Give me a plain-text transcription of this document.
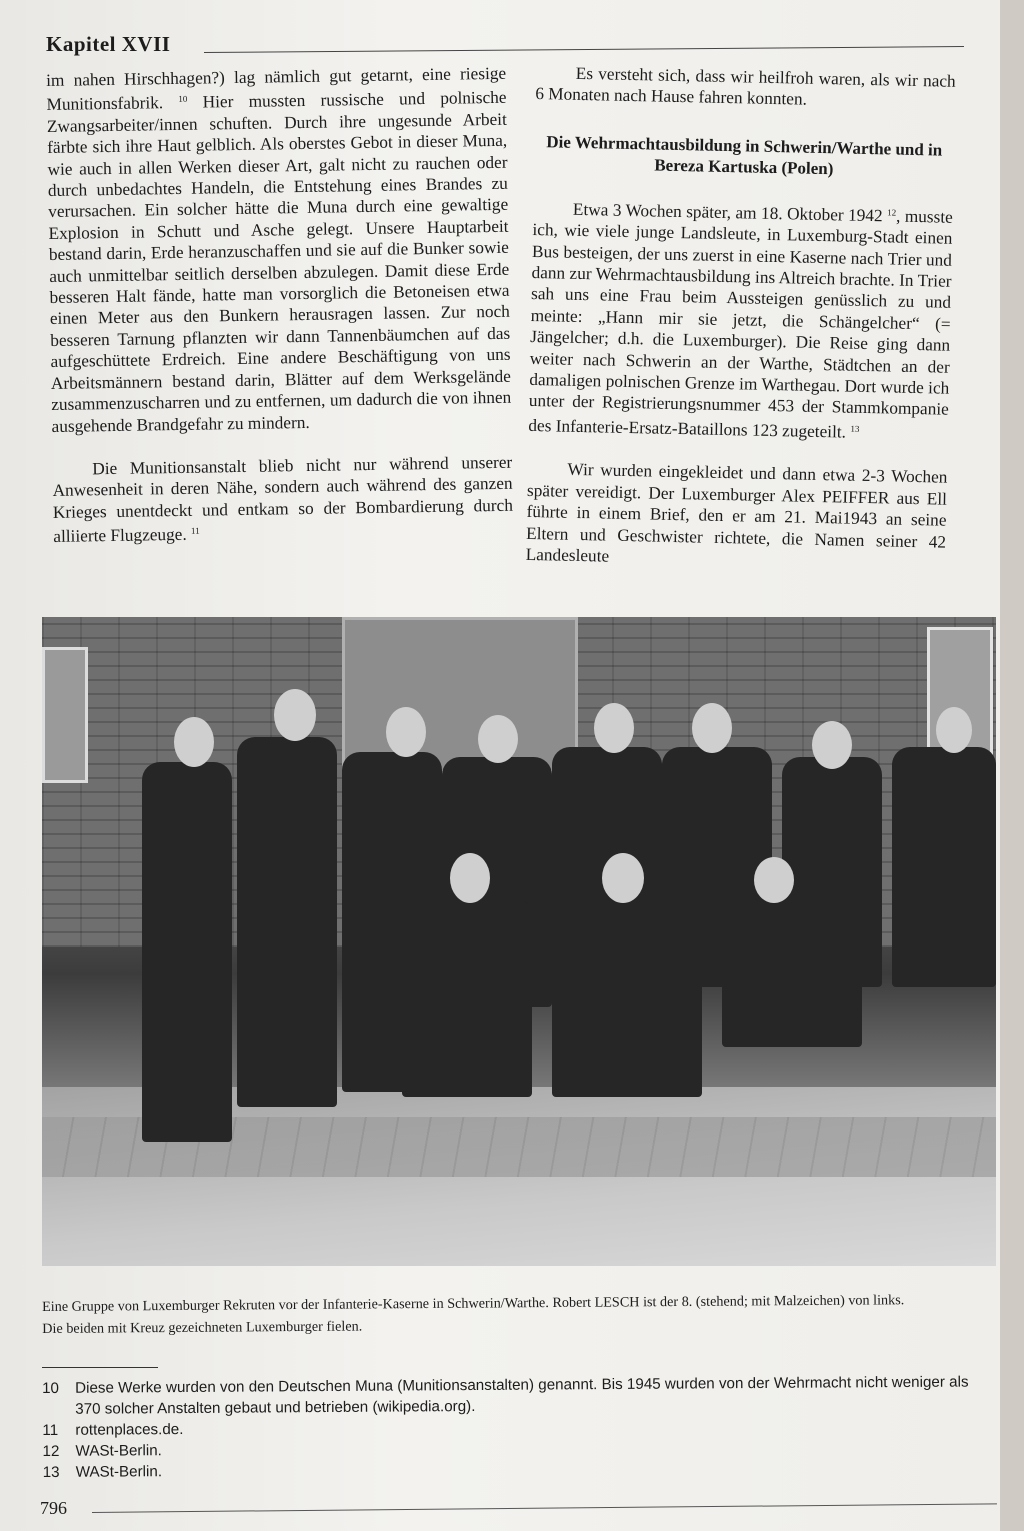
Kapitel XVII

im nahen Hirschhagen?) lag nämlich gut getarnt, eine riesige Munitionsfabrik. $^{10}$ Hier mussten russische und polnische Zwangsarbeiter/innen schuften. Durch ihre ungesunde Arbeit färbte sich ihre Haut gelblich. Als oberstes Gebot in dieser Muna, wie auch in allen Werken dieser Art, galt nicht zu rauchen oder durch unbedachtes Handeln, die Entstehung eines Brandes zu verursachen. Ein solcher hätte die Muna durch eine gewaltige Explosion in Schutt und Asche gelegt. Unsere Hauptarbeit bestand darin, Erde heranzuschaffen und sie auf die Bunker sowie auch unmittelbar seitlich derselben abzulegen. Damit diese Erde besseren Halt fände, hatte man vorsorglich die Betoneisen etwa einen Meter aus den Bunkern herausragen lassen. Zur noch besseren Tarnung pflanzten wir dann Tannenbäumchen auf das aufgeschüttete Erdreich. Eine andere Beschäftigung von uns Arbeitsmännern bestand darin, Blätter auf dem Werksgelände zusammenzuscharren und zu entfernen, um dadurch die von ihnen ausgehende Brandgefahr zu mindern.

Die Munitionsanstalt blieb nicht nur während unserer Anwesenheit in deren Nähe, sondern auch während des ganzen Krieges unentdeckt und entkam so der Bombardierung durch alliierte Flugzeuge. $^{11}$

Es versteht sich, dass wir heilfroh waren, als wir nach 6 Monaten nach Hause fahren konnten.

Die Wehrmachtausbildung in Schwerin/Warthe und in Bereza Kartuska (Polen)

Etwa 3 Wochen später, am 18. Oktober 1942 $^{12}$, musste ich, wie viele junge Landsleute, in Luxemburg-Stadt einen Bus besteigen, der uns zuerst in eine Kaserne nach Trier und dann zur Wehrmachtausbildung ins Altreich brachte. In Trier sah uns eine Frau beim Aussteigen genüsslich zu und meinte: „Hann mir sie jetzt, die Schängelcher“ (= Jängelcher; d.h. die Luxemburger). Die Reise ging dann weiter nach Schwerin an der Warthe, Städtchen an der damaligen polnischen Grenze im Warthegau. Dort wurde ich unter der Registrierungsnummer 453 der Stammkompanie des Infanterie-Ersatz-Bataillons 123 zugeteilt. $^{13}$

Wir wurden eingekleidet und dann etwa 2-3 Wochen später vereidigt. Der Luxemburger Alex PEIFFER aus Ell führte in einem Brief, den er am 21. Mai1943 an seine Eltern und Geschwister richtete, die Namen seiner 42 Landesleute

Eine Gruppe von Luxemburger Rekruten vor der Infanterie-Kaserne in Schwerin/Warthe. Robert LESCH ist der 8. (stehend; mit Malzeichen) von links.

Die beiden mit Kreuz gezeichneten Luxemburger fielen.

10 Diese Werke wurden von den Deutschen Muna (Munitionsanstalten) genannt. Bis 1945 wurden von der Wehrmacht nicht weniger als 370 solcher Anstalten gebaut und betrieben (wikipedia.org).

11 rottenplaces.de.

12 WASt-Berlin.

13 WASt-Berlin.

796
